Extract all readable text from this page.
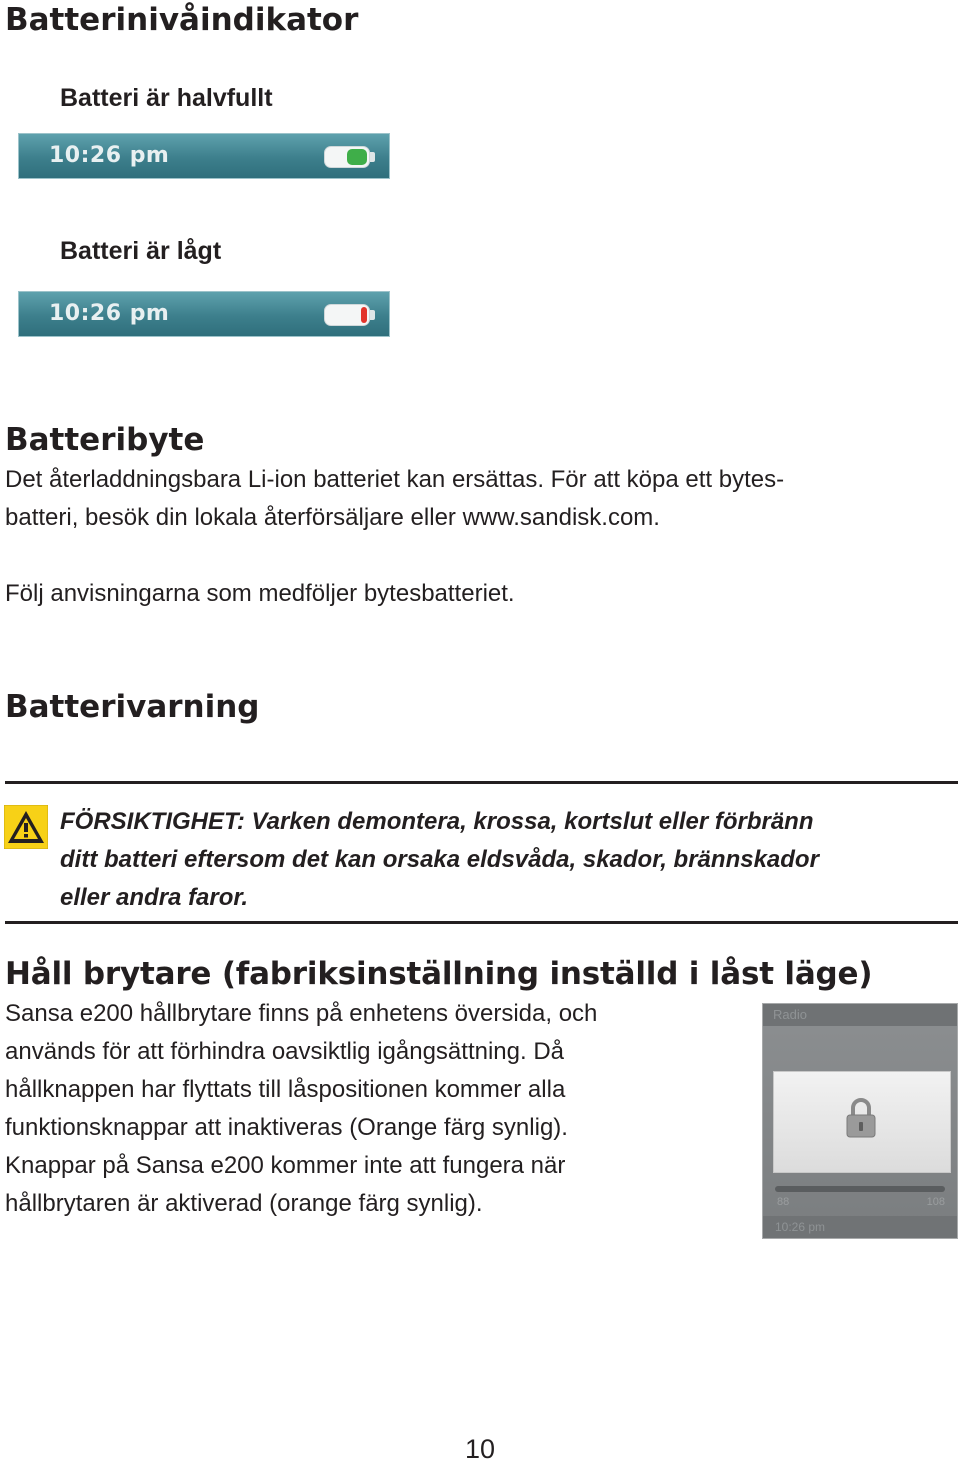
Batterinivåindikator
Batteri är halvfullt
10:26 pm
Batteri är lågt
10:26 pm
Batteribyte

Det återladdningsbara Li-ion batteriet kan ersättas. För att köpa ett bytes-

batteri, besök din lokala återförsäljare eller www.sandisk.com.

Följ anvisningarna som medföljer bytesbatteriet.

Batterivarning

FÖRSIKTIGHET: Varken demontera, krossa, kortslut eller förbränn
ditt batteri eftersom det kan orsaka eldsvåda, skador, brännskador
eller andra faror.

Håll brytare (fabriksinställning inställd i låst läge)

Sansa e200 hållbrytare finns på enhetens översida, och

används för att förhindra oavsiktlig igångsättning. Då

hållknappen har flyttats till låspositionen kommer alla

funktionsknappar att inaktiveras (Orange färg synlig).

Knappar på Sansa e200 kommer inte att fungera när

hållbrytaren är aktiverad (orange färg synlig).

Radio
88	108
10:26 pm
10
